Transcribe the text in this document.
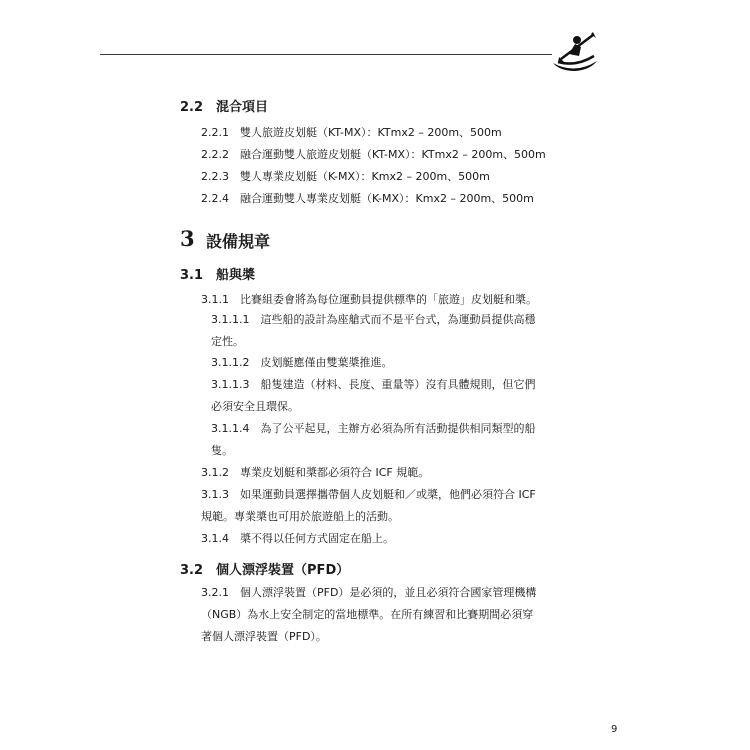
2.2　混合項目
2.2.1　雙人旅遊皮划艇（KT-MX）：KTmx2 – 200m、500m
2.2.2　融合運動雙人旅遊皮划艇（KT-MX）：KTmx2 – 200m、500m
2.2.3　雙人專業皮划艇（K-MX）：Kmx2 – 200m、500m
2.2.4　融合運動雙人專業皮划艇（K-MX）：Kmx2 – 200m、500m
3 設備規章
3.1　船與槳
3.1.1　比賽組委會將為每位運動員提供標準的「旅遊」皮划艇和槳。
3.1.1.1　這些船的設計為座艙式而不是平台式，為運動員提供高穩
定性。
3.1.1.2　皮划艇應僅由雙葉槳推進。
3.1.1.3　船隻建造（材料、長度、重量等）沒有具體規則，但它們
必須安全且環保。
3.1.1.4　為了公平起見，主辦方必須為所有活動提供相同類型的船
隻。
3.1.2　專業皮划艇和槳都必須符合 ICF 規範。
3.1.3　如果運動員選擇攜帶個人皮划艇和／或槳，他們必須符合 ICF
規範。專業槳也可用於旅遊船上的活動。
3.1.4　槳不得以任何方式固定在船上。
3.2　個人漂浮裝置（PFD）
3.2.1　個人漂浮裝置（PFD）是必須的，並且必須符合國家管理機構
（NGB）為水上安全制定的當地標準。在所有練習和比賽期間必須穿
著個人漂浮裝置（PFD）。
9
